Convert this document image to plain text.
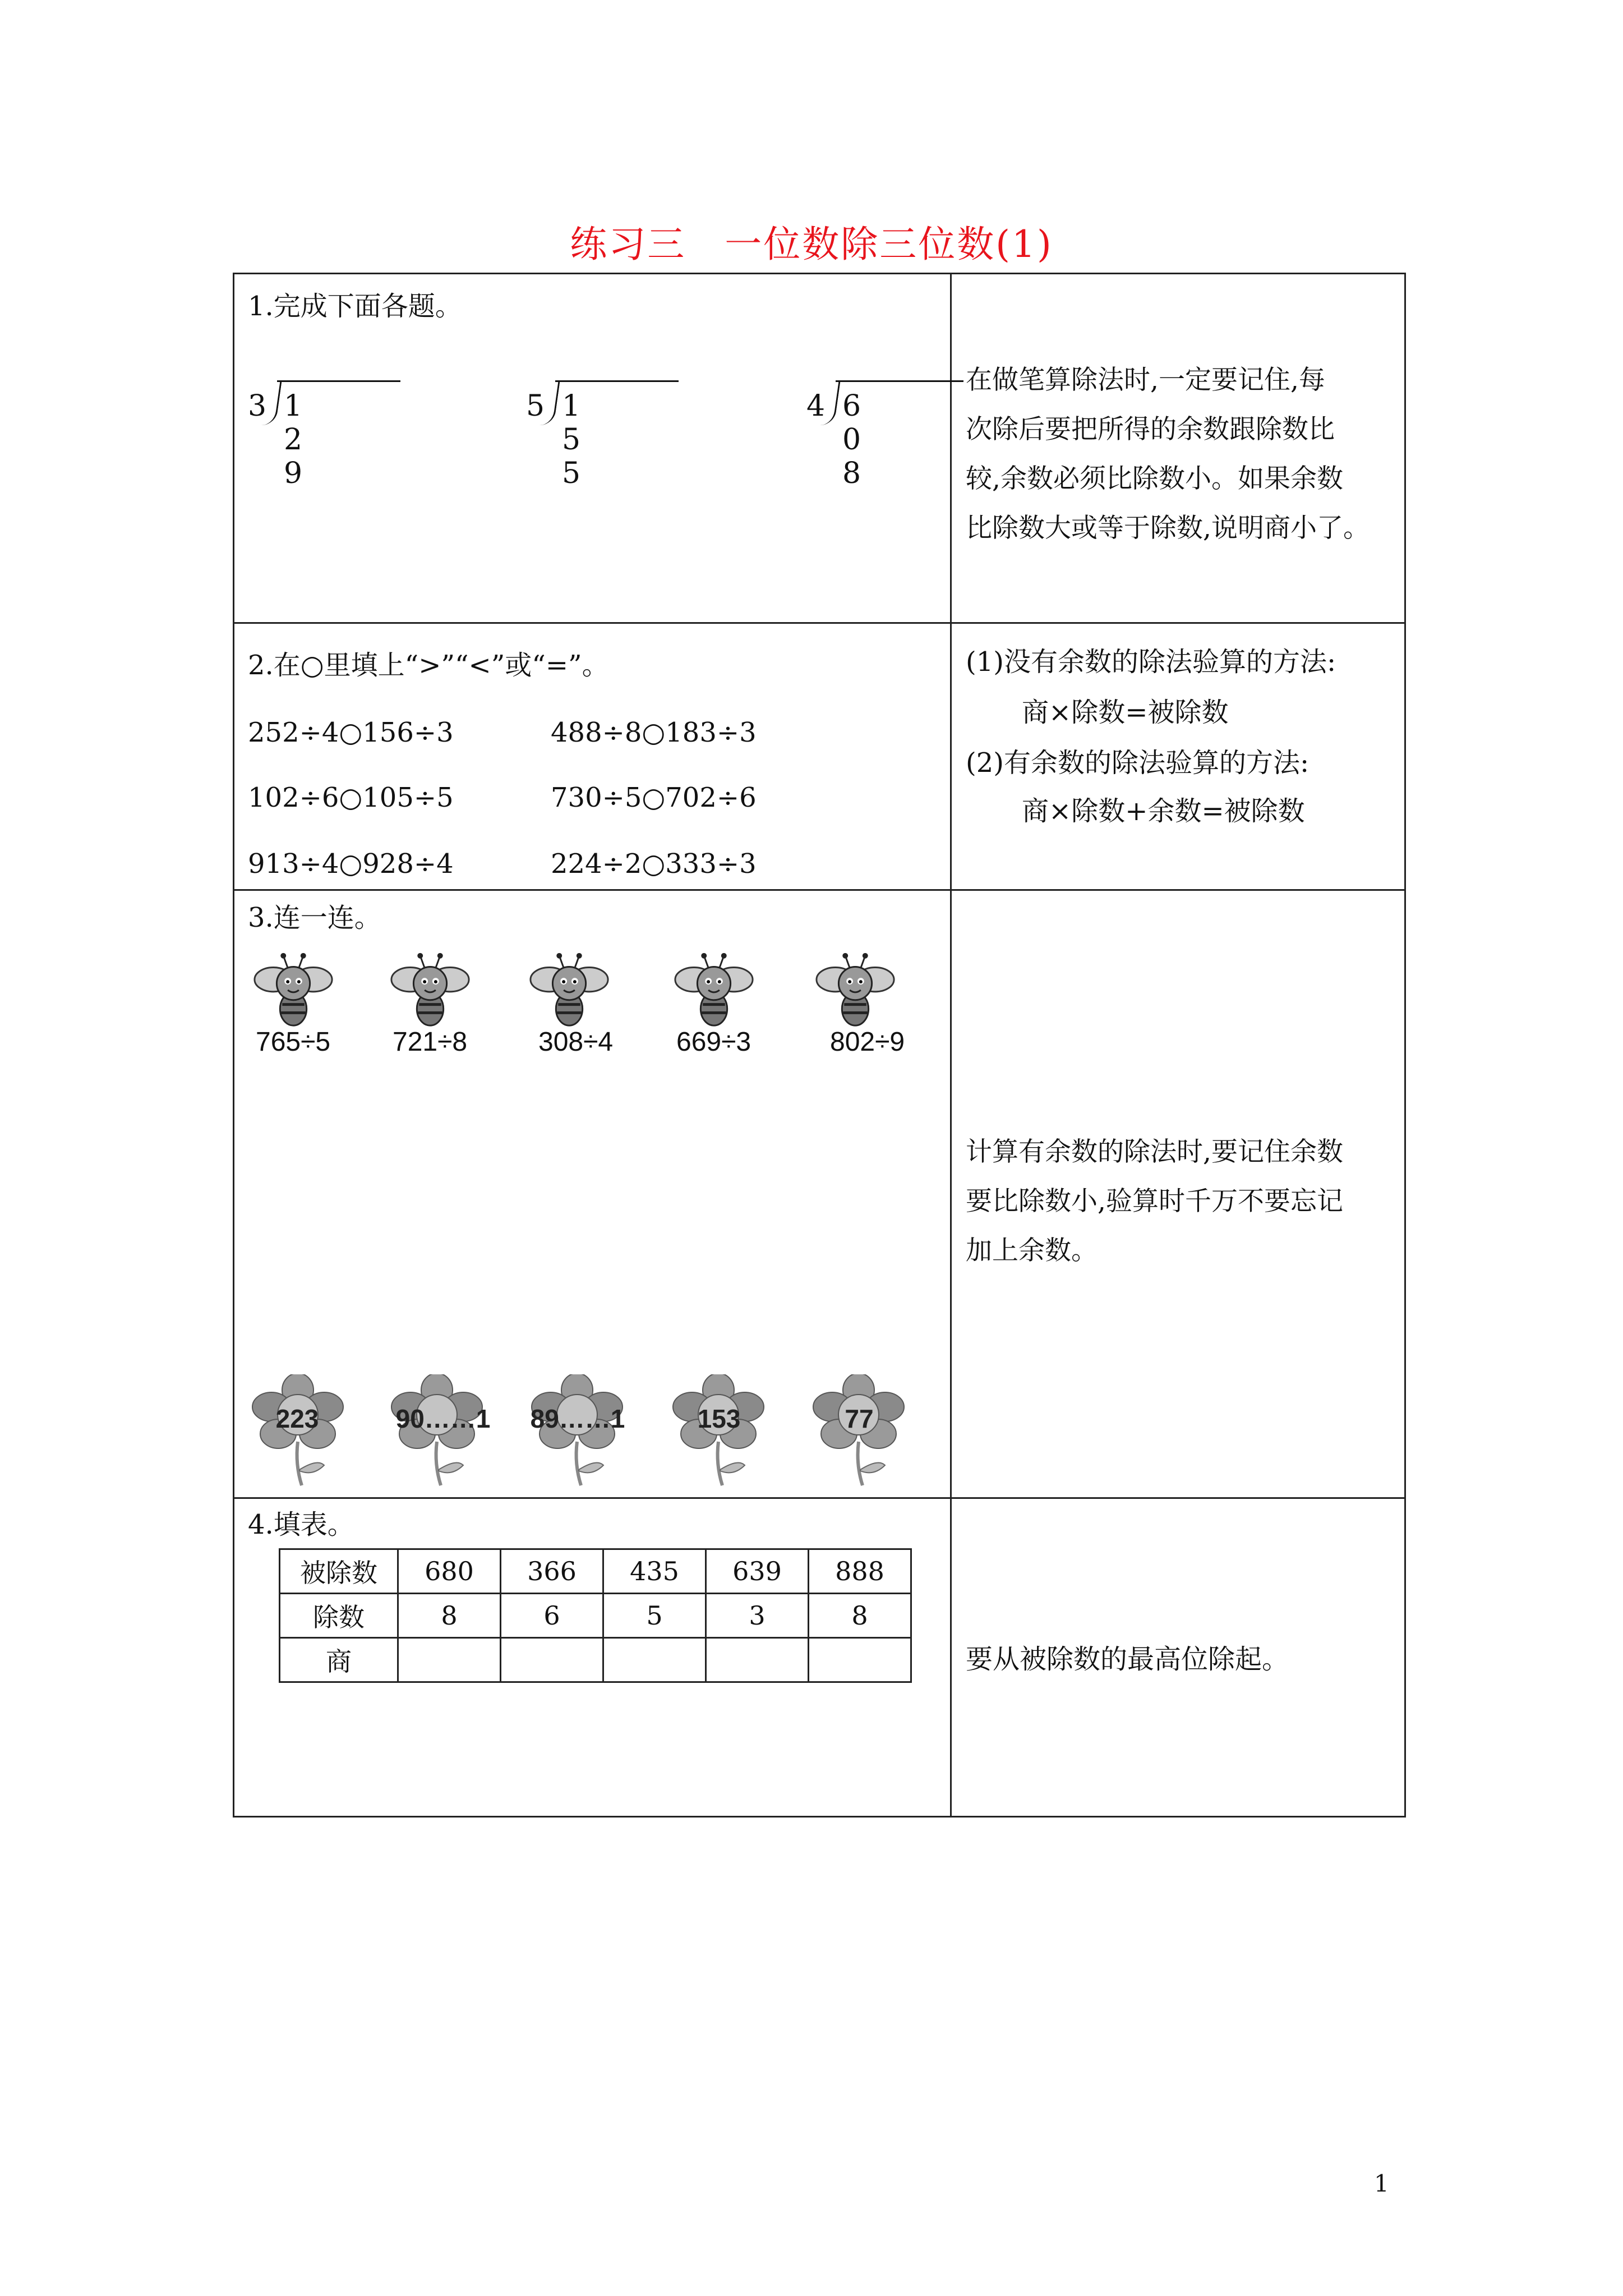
练习三　一位数除三位数(1)
1.完成下面各题。
3 1 2 9
5 1 5 5
4 6 0 8

在做笔算除法时,一定要记住,每

次除后要把所得的余数跟除数比

较,余数必须比除数小。如果余数

比除数大或等于除数,说明商小了。

2.在○里填上“>”“<”或“=”。
252÷4○156÷3	488÷8○183÷3
102÷6○105÷5	730÷5○702÷6
913÷4○928÷4	224÷2○333÷3
(1)没有余数的除法验算的方法:
商×除数=被除数
(2)有余数的除法验算的方法:
商×除数+余数=被除数
3.连一连。
765÷5 721÷8	308÷4 669÷3	802÷9
223	90……1	89……1	153	77

计算有余数的除法时,要记住余数

要比除数小,验算时千万不要忘记

加上余数。

4.填表。
被除数	680	366	435	639	888
除数	8	6	5	3	8
商						要从被除数的最高位除起。
1
